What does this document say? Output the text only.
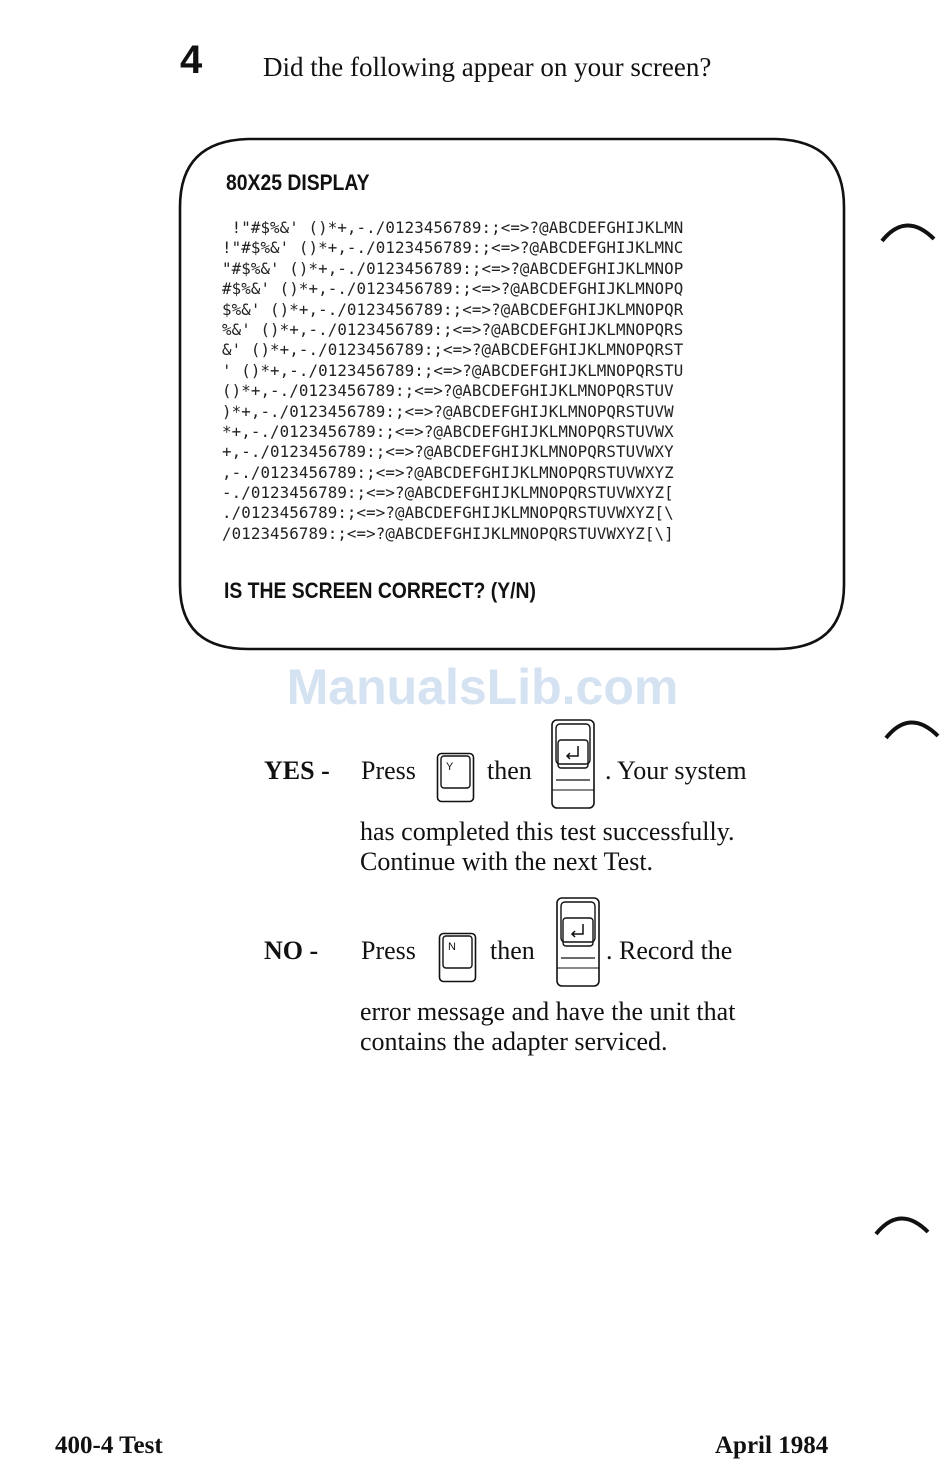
4 Did the following appear on your screen?
80X25 DISPLAY
!"#$%&' ()*+,-./0123456789:;<=>?@ABCDEFGHIJKLMN
!"#$%&' ()*+,-./0123456789:;<=>?@ABCDEFGHIJKLMNC
"#$%&' ()*+,-./0123456789:;<=>?@ABCDEFGHIJKLMNOP
#$%&' ()*+,-./0123456789:;<=>?@ABCDEFGHIJKLMNOPQ
$%&' ()*+,-./0123456789:;<=>?@ABCDEFGHIJKLMNOPQR
%&' ()*+,-./0123456789:;<=>?@ABCDEFGHIJKLMNOPQRS
&' ()*+,-./0123456789:;<=>?@ABCDEFGHIJKLMNOPQRST
' ()*+,-./0123456789:;<=>?@ABCDEFGHIJKLMNOPQRSTU
()*+,-./0123456789:;<=>?@ABCDEFGHIJKLMNOPQRSTUV
)*+,-./0123456789:;<=>?@ABCDEFGHIJKLMNOPQRSTUVW
*+,-./0123456789:;<=>?@ABCDEFGHIJKLMNOPQRSTUVWX
+,-./0123456789:;<=>?@ABCDEFGHIJKLMNOPQRSTUVWXY
,-./0123456789:;<=>?@ABCDEFGHIJKLMNOPQRSTUVWXYZ
-./0123456789:;<=>?@ABCDEFGHIJKLMNOPQRSTUVWXYZ[
./0123456789:;<=>?@ABCDEFGHIJKLMNOPQRSTUVWXYZ[\
/0123456789:;<=>?@ABCDEFGHIJKLMNOPQRSTUVWXYZ[\]
IS THE SCREEN CORRECT? (Y/N)
ManualsLib.com
YES - Press	Y then	. Your system
has completed this test successfully.
Continue with the next Test.
NO - Press	N then	. Record the
error message and have the unit that
contains the adapter serviced.
400-4 Test	April 1984
